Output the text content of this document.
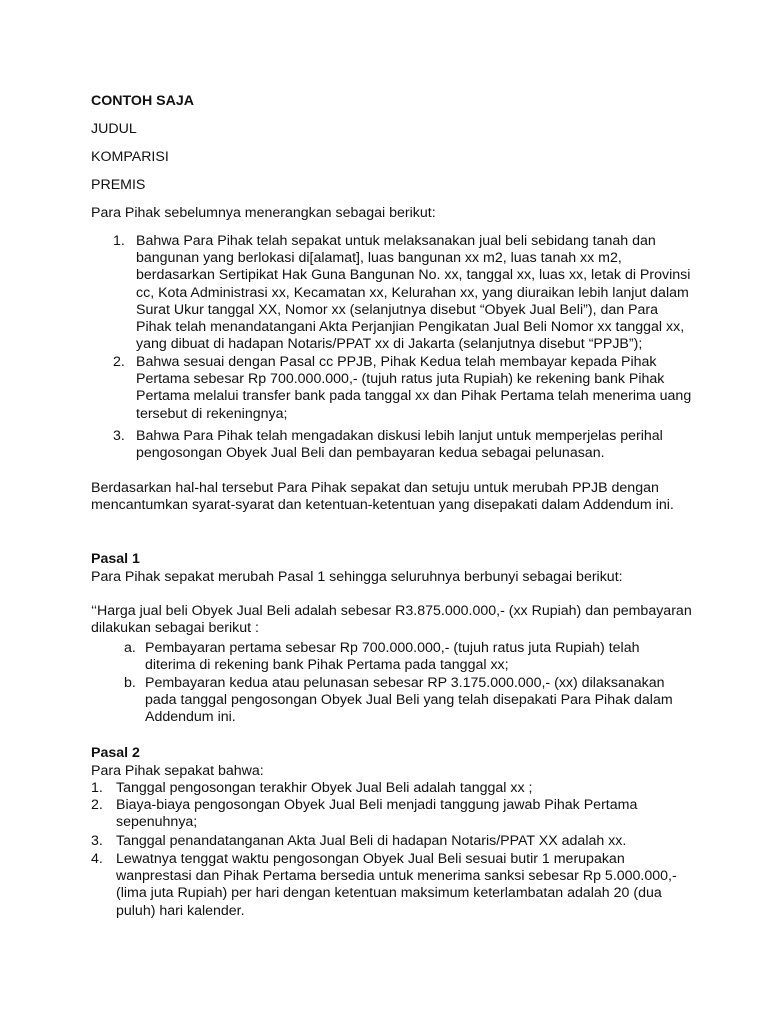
CONTOH SAJA
JUDUL
KOMPARISI
PREMIS
Para Pihak sebelumnya menerangkan sebagai berikut:
1. Bahwa Para Pihak telah sepakat untuk melaksanakan jual beli sebidang tanah dan
bangunan yang berlokasi di[alamat], luas bangunan xx m2, luas tanah xx m2,
berdasarkan Sertipikat Hak Guna Bangunan No. xx, tanggal xx, luas xx, letak di Provinsi
cc, Kota Administrasi xx, Kecamatan xx, Kelurahan xx, yang diuraikan lebih lanjut dalam
Surat Ukur tanggal XX, Nomor xx (selanjutnya disebut “Obyek Jual Beli”), dan Para
Pihak telah menandatangani Akta Perjanjian Pengikatan Jual Beli Nomor xx tanggal xx,
yang dibuat di hadapan Notaris/PPAT xx di Jakarta (selanjutnya disebut “PPJB”);
2. Bahwa sesuai dengan Pasal cc PPJB, Pihak Kedua telah membayar kepada Pihak
Pertama sebesar Rp 700.000.000,- (tujuh ratus juta Rupiah) ke rekening bank Pihak
Pertama melalui transfer bank pada tanggal xx dan Pihak Pertama telah menerima uang
tersebut di rekeningnya;
3. Bahwa Para Pihak telah mengadakan diskusi lebih lanjut untuk memperjelas perihal
pengosongan Obyek Jual Beli dan pembayaran kedua sebagai pelunasan.
Berdasarkan hal-hal tersebut Para Pihak sepakat dan setuju untuk merubah PPJB dengan
mencantumkan syarat-syarat dan ketentuan-ketentuan yang disepakati dalam Addendum ini.
Pasal 1
Para Pihak sepakat merubah Pasal 1 sehingga seluruhnya berbunyi sebagai berikut:
‘‘Harga jual beli Obyek Jual Beli adalah sebesar R3.875.000.000,- (xx Rupiah) dan pembayaran
dilakukan sebagai berikut :
a. Pembayaran pertama sebesar Rp 700.000.000,- (tujuh ratus juta Rupiah) telah
diterima di rekening bank Pihak Pertama pada tanggal xx;
b. Pembayaran kedua atau pelunasan sebesar RP 3.175.000.000,- (xx) dilaksanakan
pada tanggal pengosongan Obyek Jual Beli yang telah disepakati Para Pihak dalam
Addendum ini.
Pasal 2
Para Pihak sepakat bahwa:
1. Tanggal pengosongan terakhir Obyek Jual Beli adalah tanggal xx ;
2. Biaya-biaya pengosongan Obyek Jual Beli menjadi tanggung jawab Pihak Pertama
sepenuhnya;
3. Tanggal penandatanganan Akta Jual Beli di hadapan Notaris/PPAT XX adalah xx.
4. Lewatnya tenggat waktu pengosongan Obyek Jual Beli sesuai butir 1 merupakan
wanprestasi dan Pihak Pertama bersedia untuk menerima sanksi sebesar Rp 5.000.000,-
(lima juta Rupiah) per hari dengan ketentuan maksimum keterlambatan adalah 20 (dua
puluh) hari kalender.
